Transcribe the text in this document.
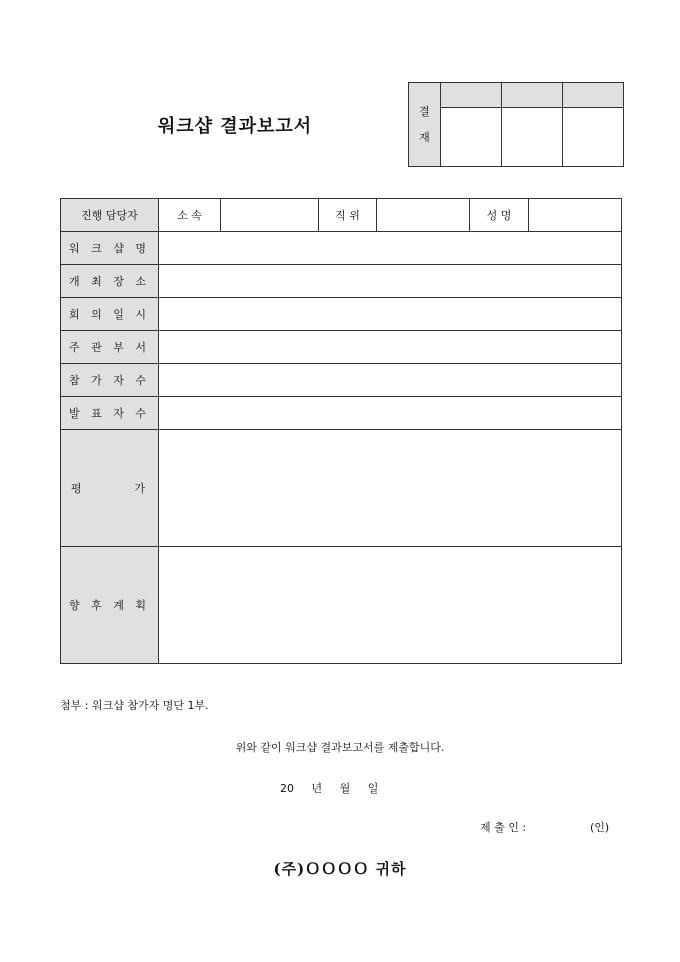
워크샵 결과보고서
결
재			

진행 담당자	소 속		직 위		성 명	
워 크 샵 명						
개 최 장 소						
회 의 일 시						
주 관 부 서						
참 가 자 수						
발 표 자 수						

평 가						

향 후 계 획						
첨부 : 워크샵 참가자 명단 1부.
위와 같이 워크샵 결과보고서를 제출합니다.
20 년 월 일
제 출 인 :	(인)
(주)ＯＯＯＯ 귀하
